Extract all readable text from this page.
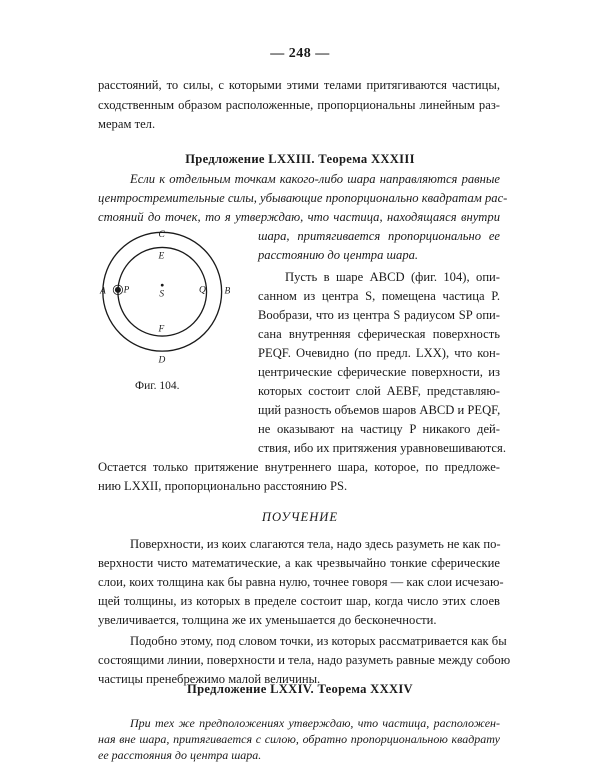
— 248 —
расстояний, то силы, с которыми этими телами притягиваются частицы,
сходственным образом расположенные, пропорциональны линейным раз-
мерам тел.
Предложение LXXIII. Теорема XXXIII
Если к отдельным точкам какого-либо шара направляются равные
центростремительные силы, убывающие пропорционально квадратам рас-
стояний до точек, то я утверждаю, что частица, находящаяся внутри
шара, притягивается пропорционально ее
расстоянию до центра шара.
C
D
A	B
E
F
P	Q
S
Фиг. 104.
Пусть в шаре ABCD (фиг. 104), опи-
санном из центра S, помещена частица P.
Вообрази, что из центра S радиусом SP опи-
сана внутренняя сферическая поверхность
PEQF. Очевидно (по предл. LXX), что кон-
центрические сферические поверхности, из
которых состоит слой AEBF, представляю-
щий разность объемов шаров ABCD и PEQF,
не оказывают на частицу P никакого дей-
ствия, ибо их притяжения уравновешиваются.
Остается только притяжение внутреннего шара, которое, по предложе-
нию LXXII, пропорционально расстоянию PS.
ПОУЧЕНИЕ
Поверхности, из коих слагаются тела, надо здесь разуметь не как по-
верхности чисто математические, а как чрезвычайно тонкие сферические
слои, коих толщина как бы равна нулю, точнее говоря — как слои исчезаю-
щей толщины, из которых в пределе состоит шар, когда число этих слоев
увеличивается, толщина же их уменьшается до бесконечности.
Подобно этому, под словом точки, из которых рассматривается как бы
состоящими линии, поверхности и тела, надо разуметь равные между собою
частицы пренебрежимо малой величины.
Предложение LXXIV. Теорема XXXIV
При тех же предположениях утверждаю, что частица, расположен-
ная вне шара, притягивается с силою, обратно пропорциональною квадрату
ее расстояния до центра шара.
